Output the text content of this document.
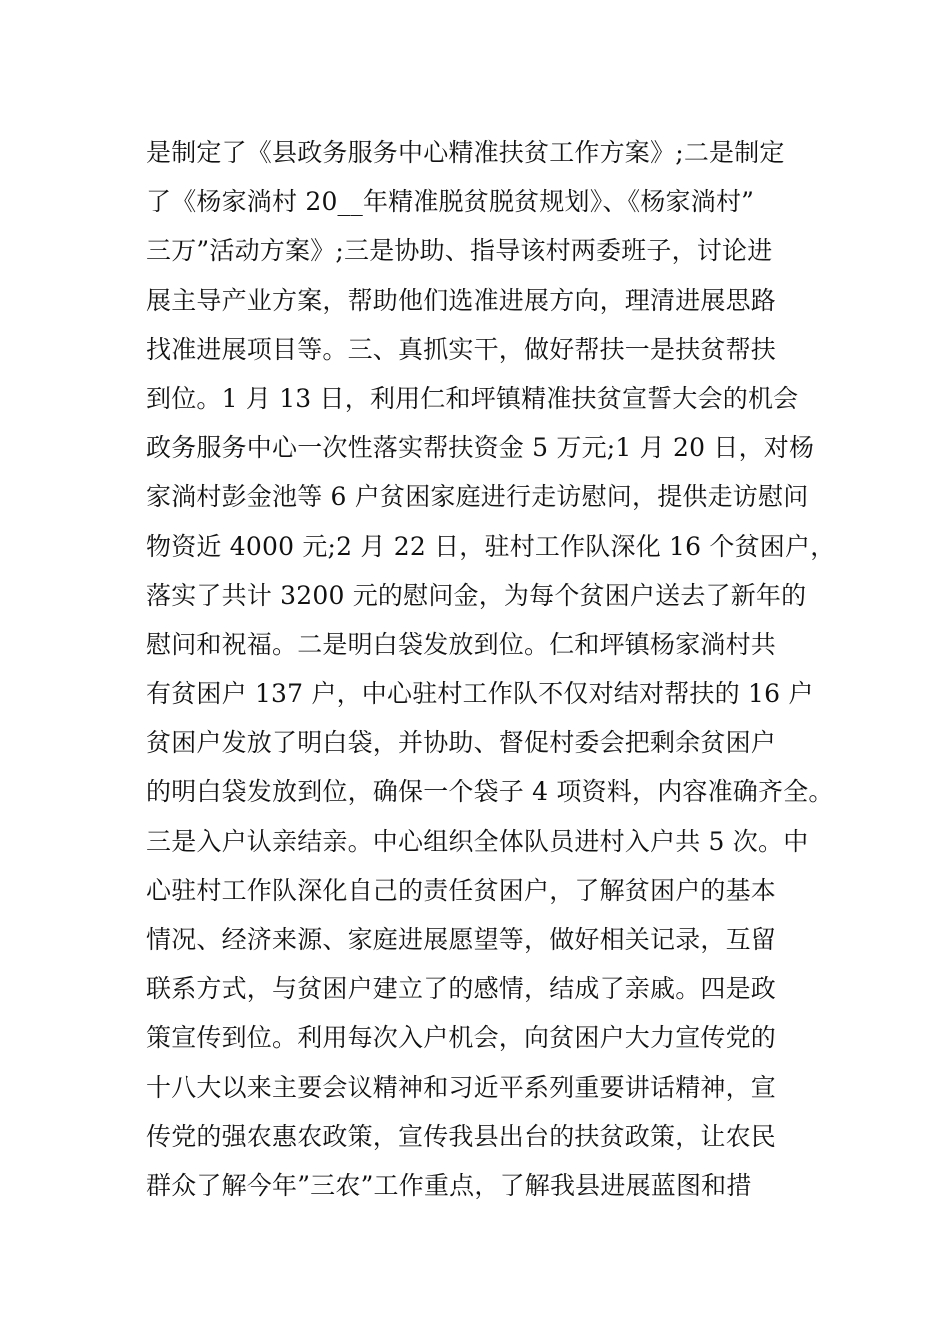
是制定了《县政务服务中心精准扶贫工作方案》;二是制定
了《杨家淌村 20__年精准脱贫脱贫规划》、《杨家淌村”
三万”活动方案》;三是协助、指导该村两委班子，讨论进
展主导产业方案，帮助他们选准进展方向，理清进展思路
找准进展项目等。三、真抓实干，做好帮扶一是扶贫帮扶
到位。1 月 13 日，利用仁和坪镇精准扶贫宣誓大会的机会
政务服务中心一次性落实帮扶资金 5 万元;1 月 20 日，对杨
家淌村彭金池等 6 户贫困家庭进行走访慰问，提供走访慰问
物资近 4000 元;2 月 22 日，驻村工作队深化 16 个贫困户，
落实了共计 3200 元的慰问金，为每个贫困户送去了新年的
慰问和祝福。二是明白袋发放到位。仁和坪镇杨家淌村共
有贫困户 137 户，中心驻村工作队不仅对结对帮扶的 16 户
贫困户发放了明白袋，并协助、督促村委会把剩余贫困户
的明白袋发放到位，确保一个袋子 4 项资料，内容准确齐全。
三是入户认亲结亲。中心组织全体队员进村入户共 5 次。中
心驻村工作队深化自己的责任贫困户，了解贫困户的基本
情况、经济来源、家庭进展愿望等，做好相关记录，互留
联系方式，与贫困户建立了的感情，结成了亲戚。四是政
策宣传到位。利用每次入户机会，向贫困户大力宣传党的
十八大以来主要会议精神和习近平系列重要讲话精神，宣
传党的强农惠农政策，宣传我县出台的扶贫政策，让农民
群众了解今年”三农”工作重点，了解我县进展蓝图和措
